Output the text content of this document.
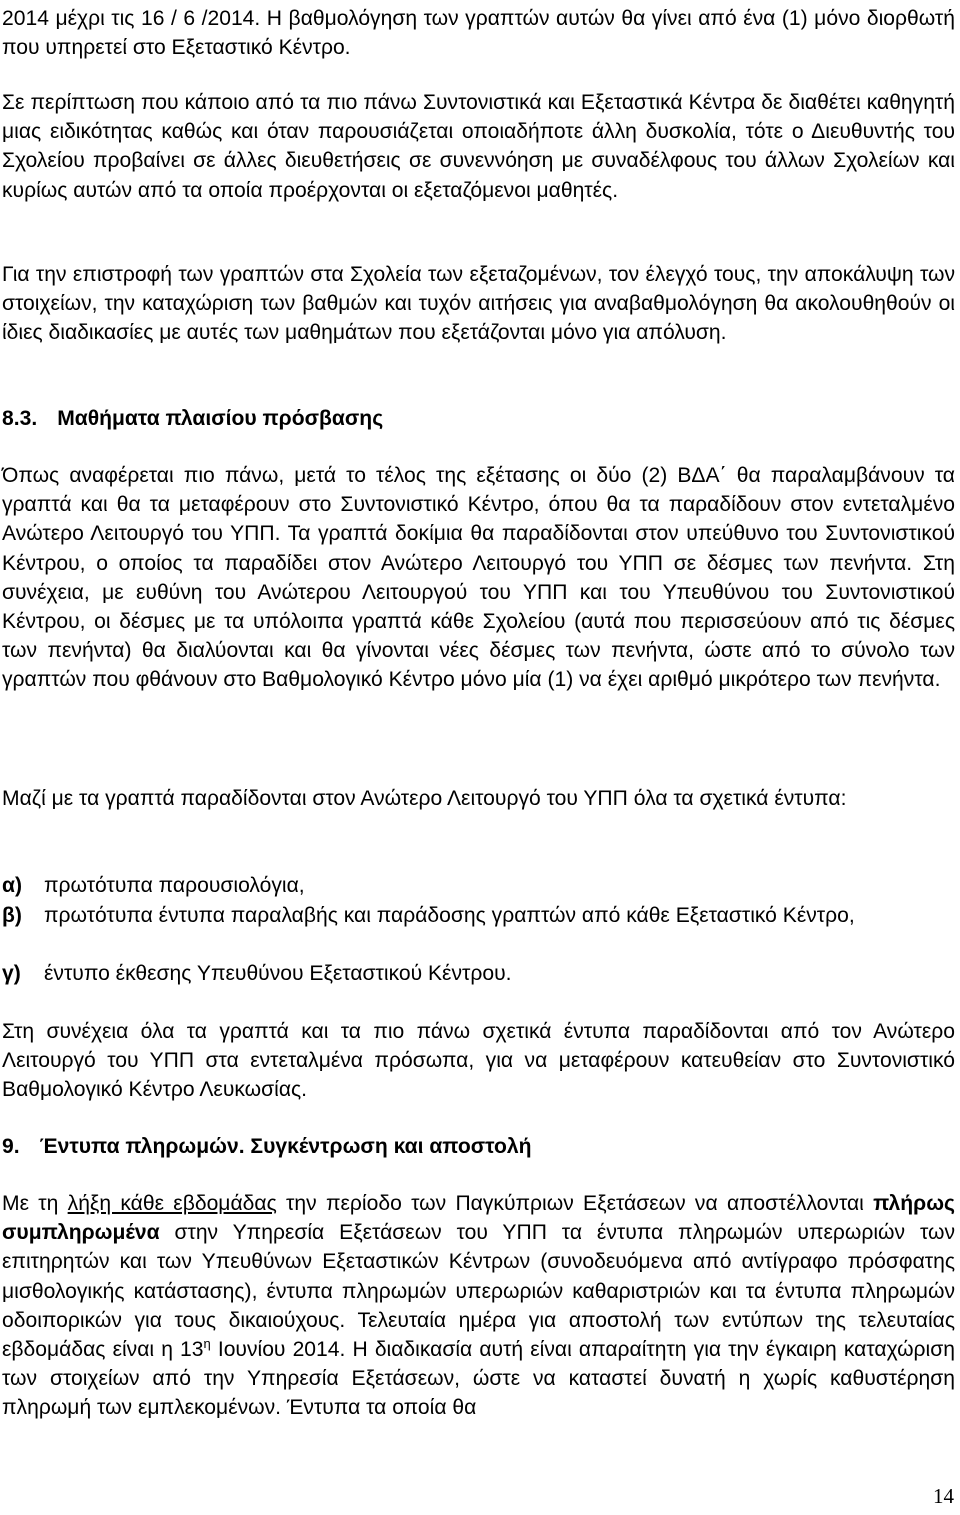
2014 μέχρι τις 16 / 6 /2014. Η βαθμολόγηση των γραπτών αυτών θα γίνει από ένα (1) μόνο διορθωτή που υπηρετεί στο Εξεταστικό Κέντρο.

Σε περίπτωση που κάποιο από τα πιο πάνω Συντονιστικά και Εξεταστικά Κέντρα δε διαθέτει καθηγητή μιας ειδικότητας καθώς και όταν παρουσιάζεται οποιαδήποτε άλλη δυσκολία, τότε ο Διευθυντής του Σχολείου προβαίνει σε άλλες διευθετήσεις σε συνεννόηση με συναδέλφους του άλλων Σχολείων και κυρίως αυτών από τα οποία προέρχονται οι εξεταζόμενοι μαθητές.

Για την επιστροφή των γραπτών στα Σχολεία των εξεταζομένων, τον έλεγχό τους, την αποκάλυψη των στοιχείων, την καταχώριση των βαθμών και τυχόν αιτήσεις για αναβαθμολόγηση θα ακολουθηθούν οι ίδιες διαδικασίες με αυτές των μαθημάτων που εξετάζονται μόνο για απόλυση.

8.3. Μαθήματα πλαισίου πρόσβασης

Όπως αναφέρεται πιο πάνω, μετά το τέλος της εξέτασης οι δύο (2) ΒΔΑ΄ θα παραλαμβάνουν τα γραπτά και θα τα μεταφέρουν στο Συντονιστικό Κέντρο, όπου θα τα παραδίδουν στον εντεταλμένο Ανώτερο Λειτουργό του ΥΠΠ. Τα γραπτά δοκίμια θα παραδίδονται στον υπεύθυνο του Συντονιστικού Κέντρου, ο οποίος τα παραδίδει στον Ανώτερο Λειτουργό του ΥΠΠ σε δέσμες των πενήντα. Στη συνέχεια, με ευθύνη του Ανώτερου Λειτουργού του ΥΠΠ και του Υπευθύνου του Συντονιστικού Κέντρου, οι δέσμες με τα υπόλοιπα γραπτά κάθε Σχολείου (αυτά που περισσεύουν από τις δέσμες των πενήντα) θα διαλύονται και θα γίνονται νέες δέσμες των πενήντα, ώστε από το σύνολο των γραπτών που φθάνουν στο Βαθμολογικό Κέντρο μόνο μία (1) να έχει αριθμό μικρότερο των πενήντα.

Μαζί με τα γραπτά παραδίδονται στον Ανώτερο Λειτουργό του ΥΠΠ όλα τα σχετικά έντυπα:

α) πρωτότυπα παρουσιολόγια,
β) πρωτότυπα έντυπα παραλαβής και παράδοσης γραπτών από κάθε Εξεταστικό Κέντρο,
γ) έντυπο έκθεσης Υπευθύνου Εξεταστικού Κέντρου.

Στη συνέχεια όλα τα γραπτά και τα πιο πάνω σχετικά έντυπα παραδίδονται από τον Ανώτερο Λειτουργό του ΥΠΠ στα εντεταλμένα πρόσωπα, για να μεταφέρουν κατευθείαν στο Συντονιστικό Βαθμολογικό Κέντρο Λευκωσίας.

9. Έντυπα πληρωμών. Συγκέντρωση και αποστολή

Με τη λήξη κάθε εβδομάδας την περίοδο των Παγκύπριων Εξετάσεων να αποστέλλονται πλήρως συμπληρωμένα στην Υπηρεσία Εξετάσεων του ΥΠΠ τα έντυπα πληρωμών υπερωριών των επιτηρητών και των Υπευθύνων Εξεταστικών Κέντρων (συνοδευόμενα από αντίγραφο πρόσφατης μισθολογικής κατάστασης), έντυπα πληρωμών υπερωριών καθαριστριών και τα έντυπα πληρωμών οδοιπορικών για τους δικαιούχους. Τελευταία ημέρα για αποστολή των εντύπων της τελευταίας εβδομάδας είναι η $13^\eta$ Ιουνίου 2014. Η διαδικασία αυτή είναι απαραίτητη για την έγκαιρη καταχώριση των στοιχείων από την Υπηρεσία Εξετάσεων, ώστε να καταστεί δυνατή η χωρίς καθυστέρηση πληρωμή των εμπλεκομένων. Έντυπα τα οποία θα

14
